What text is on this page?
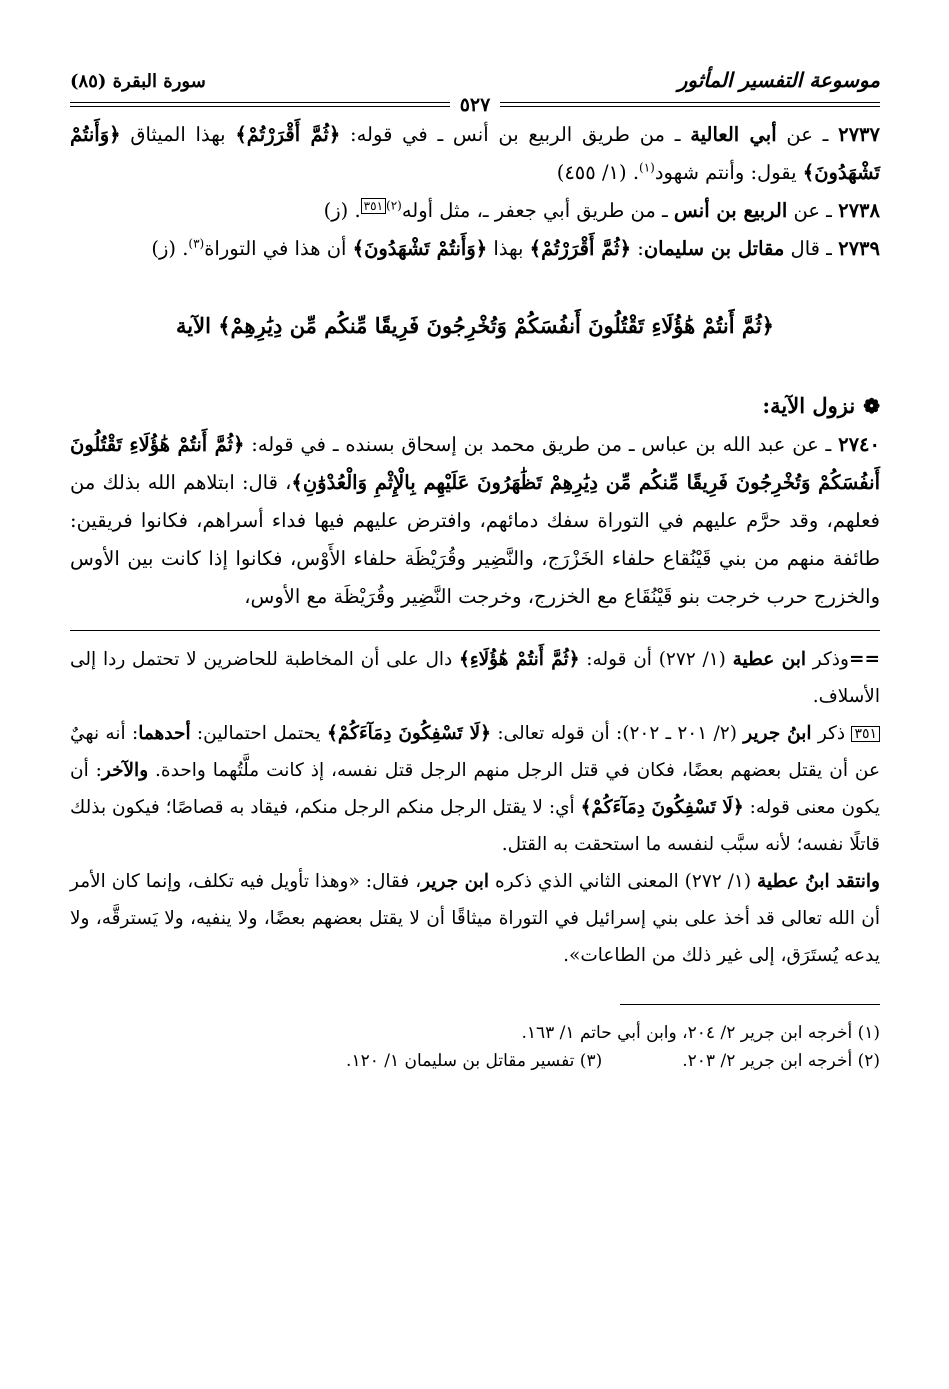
موسوعة التفسير المأثور
سورة البقرة (٨٥)
٥٢٧

٢٧٣٧ ـ عن أبي العالية ـ من طريق الربيع بن أنس ـ في قوله: ﴿ثُمَّ أَقْرَرْتُمْ﴾ بهذا الميثاق ﴿وَأَنتُمْ تَشْهَدُونَ﴾ يقول: وأنتم شهود$^{(١)}$. (١/ ٤٥٥)

٢٧٣٨ ـ عن الربيع بن أنس ـ من طريق أبي جعفر ـ، مثل أوله$^{(٢)}$٣٥١. (ز)

٢٧٣٩ ـ قال مقاتل بن سليمان: ﴿ثُمَّ أَقْرَرْتُمْ﴾ بهذا ﴿وَأَنتُمْ تَشْهَدُونَ﴾ أن هذا في التوراة$^{(٣)}$. (ز)

﴿ثُمَّ أَنتُمْ هَٰؤُلَاءِ تَقْتُلُونَ أَنفُسَكُمْ وَتُخْرِجُونَ فَرِيقًا مِّنكُم مِّن دِيَٰرِهِمْ﴾ الآية
❁نزول الآية:

٢٧٤٠ ـ عن عبد الله بن عباس ـ من طريق محمد بن إسحاق بسنده ـ في قوله: ﴿ثُمَّ أَنتُمْ هَٰؤُلَاءِ تَقْتُلُونَ أَنفُسَكُمْ وَتُخْرِجُونَ فَرِيقًا مِّنكُم مِّن دِيَٰرِهِمْ تَظَٰهَرُونَ عَلَيْهِم بِالْإِثْمِ وَالْعُدْوَٰنِ﴾، قال: ابتلاهم الله بذلك من فعلهم، وقد حرَّم عليهم في التوراة سفك دمائهم، وافترض عليهم فيها فداء أسراهم، فكانوا فريقين: طائفة منهم من بني قَيْنُقاع حلفاء الخَزْرَج، والنَّضِير وقُرَيْظَة حلفاء الأَوْس، فكانوا إذا كانت بين الأوس والخزرج حرب خرجت بنو قَيْنُقَاع مع الخزرج، وخرجت النَّضِير وقُرَيْظَة مع الأوس،

==وذكر ابن عطية (١/ ٢٧٢) أن قوله: ﴿ثُمَّ أَنتُمْ هَٰؤُلَاءِ﴾ دال على أن المخاطبة للحاضرين لا تحتمل ردا إلى الأسلاف.

٣٥١ ذكر ابنُ جرير (٢/ ٢٠١ ـ ٢٠٢): أن قوله تعالى: ﴿لَا تَسْفِكُونَ دِمَآءَكُمْ﴾ يحتمل احتمالين: أحدهما: أنه نهيٌ عن أن يقتل بعضهم بعضًا، فكان في قتل الرجل منهم الرجل قتل نفسه، إذ كانت ملَّتُهما واحدة. والآخر: أن يكون معنى قوله: ﴿لَا تَسْفِكُونَ دِمَآءَكُمْ﴾ أي: لا يقتل الرجل منكم الرجل منكم، فيقاد به قصاصًا؛ فيكون بذلك قاتلًا نفسه؛ لأنه سبَّب لنفسه ما استحقت به القتل.

وانتقد ابنُ عطية (١/ ٢٧٢) المعنى الثاني الذي ذكره ابن جرير، فقال: «وهذا تأويل فيه تكلف، وإنما كان الأمر أن الله تعالى قد أخذ على بني إسرائيل في التوراة ميثاقًا أن لا يقتل بعضهم بعضًا، ولا ينفيه، ولا يَسترقَّه، ولا يدعه يُستَرَق، إلى غير ذلك من الطاعات».

(١) أخرجه ابن جرير ٢/ ٢٠٤، وابن أبي حاتم ١/ ١٦٣.

(٢) أخرجه ابن جرير ٢/ ٢٠٣.

(٣) تفسير مقاتل بن سليمان ١/ ١٢٠.
